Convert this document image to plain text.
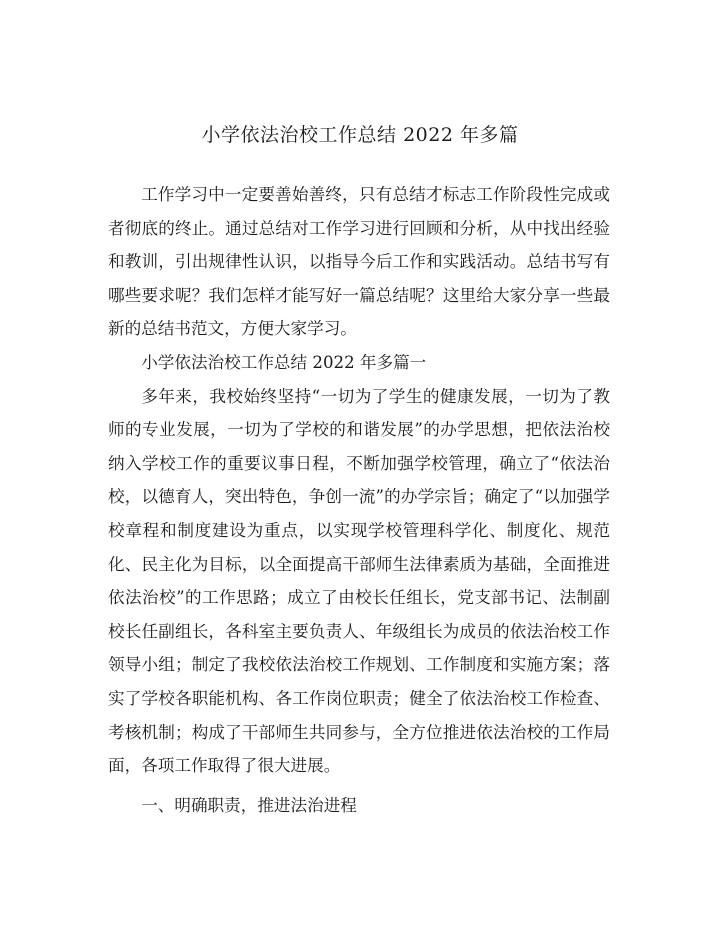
小学依法治校工作总结 2022 年多篇

工作学习中一定要善始善终，只有总结才标志工作阶段性完成或者彻底的终止。通过总结对工作学习进行回顾和分析，从中找出经验和教训，引出规律性认识，以指导今后工作和实践活动。总结书写有哪些要求呢？我们怎样才能写好一篇总结呢？这里给大家分享一些最新的总结书范文，方便大家学习。

小学依法治校工作总结 2022 年多篇一

多年来，我校始终坚持“一切为了学生的健康发展，一切为了教师的专业发展，一切为了学校的和谐发展”的办学思想，把依法治校纳入学校工作的重要议事日程，不断加强学校管理，确立了“依法治校，以德育人，突出特色，争创一流”的办学宗旨；确定了“以加强学校章程和制度建设为重点，以实现学校管理科学化、制度化、规范化、民主化为目标，以全面提高干部师生法律素质为基础，全面推进依法治校”的工作思路；成立了由校长任组长，党支部书记、法制副校长任副组长，各科室主要负责人、年级组长为成员的依法治校工作领导小组；制定了我校依法治校工作规划、工作制度和实施方案；落实了学校各职能机构、各工作岗位职责；健全了依法治校工作检查、考核机制；构成了干部师生共同参与，全方位推进依法治校的工作局面，各项工作取得了很大进展。

一、明确职责，推进法治进程
